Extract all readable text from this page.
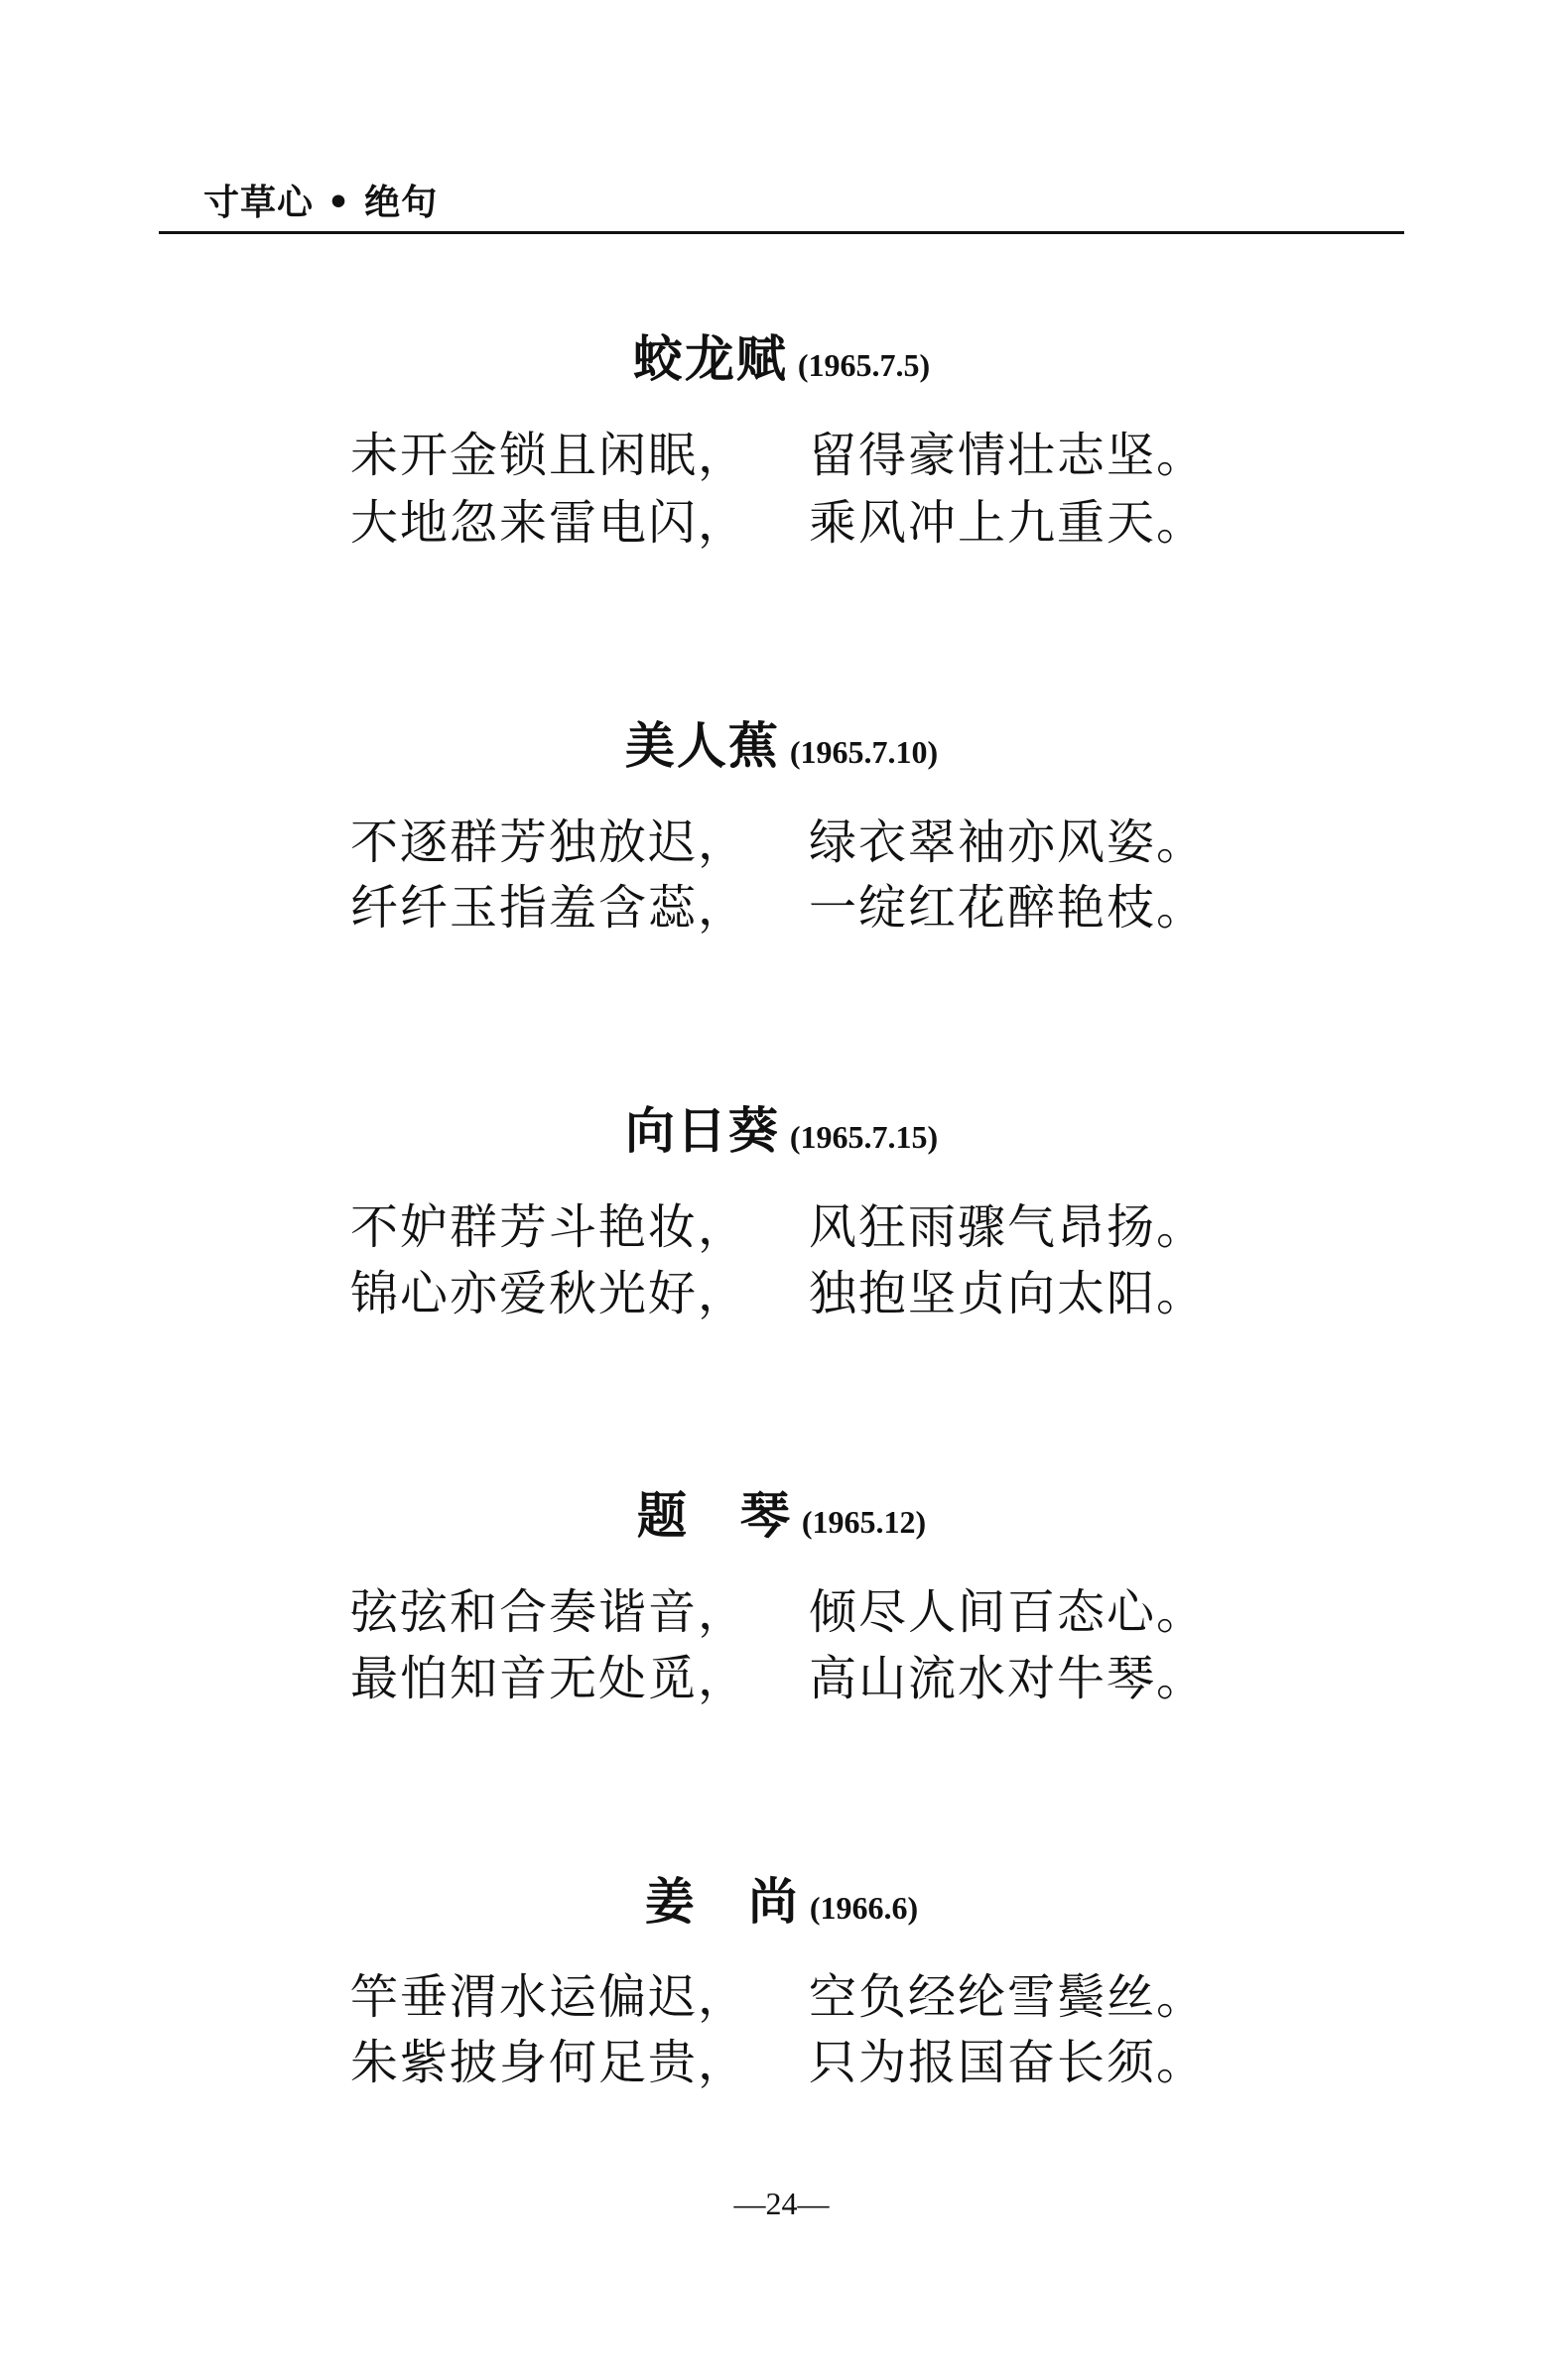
寸草心 • 绝句
蛟龙赋 (1965.7.5)
未开金锁且闲眠， 留得豪情壮志坚。
大地忽来雷电闪， 乘风冲上九重天。
美人蕉 (1965.7.10)
不逐群芳独放迟， 绿衣翠袖亦风姿。
纤纤玉指羞含蕊， 一绽红花醉艳枝。
向日葵 (1965.7.15)
不妒群芳斗艳妆， 风狂雨骤气昂扬。
锦心亦爱秋光好， 独抱坚贞向太阳。
题　琴 (1965.12)
弦弦和合奏谐音， 倾尽人间百态心。
最怕知音无处觅， 高山流水对牛琴。
姜　尚 (1966.6)
竿垂渭水运偏迟， 空负经纶雪鬓丝。
朱紫披身何足贵， 只为报国奋长须。
—24—
